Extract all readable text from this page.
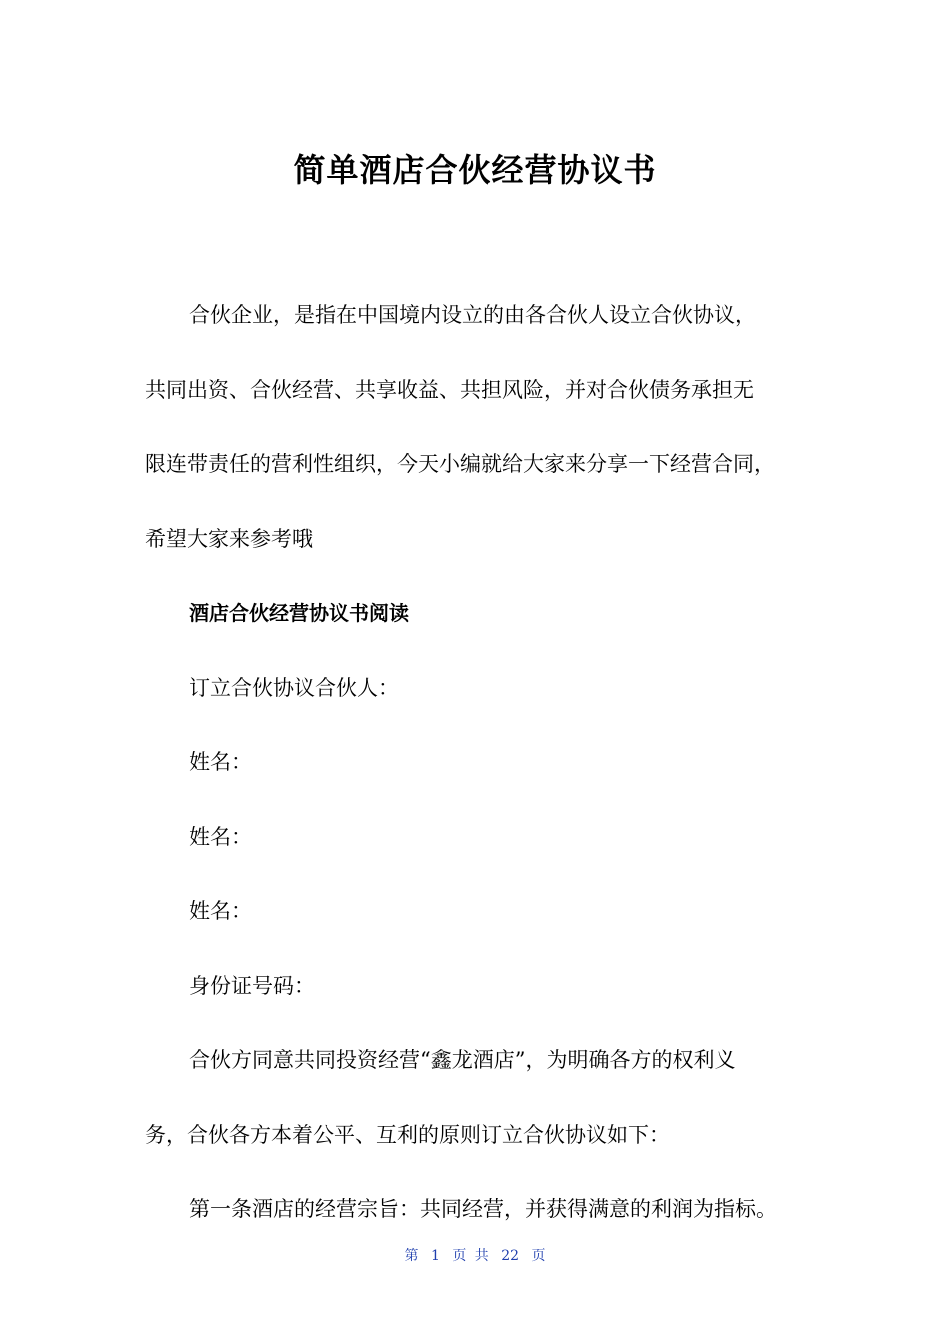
简单酒店合伙经营协议书

合伙企业，是指在中国境内设立的由各合伙人设立合伙协议，

共同出资、合伙经营、共享收益、共担风险，并对合伙债务承担无

限连带责任的营利性组织，今天小编就给大家来分享一下经营合同，

希望大家来参考哦

酒店合伙经营协议书阅读

订立合伙协议合伙人：

姓名：

姓名：

姓名：

身份证号码：

合伙方同意共同投资经营“鑫龙酒店”，为明确各方的权利义

务，合伙各方本着公平、互利的原则订立合伙协议如下：

第一条酒店的经营宗旨：共同经营，并获得满意的利润为指标。

第 1 页 共 22 页
